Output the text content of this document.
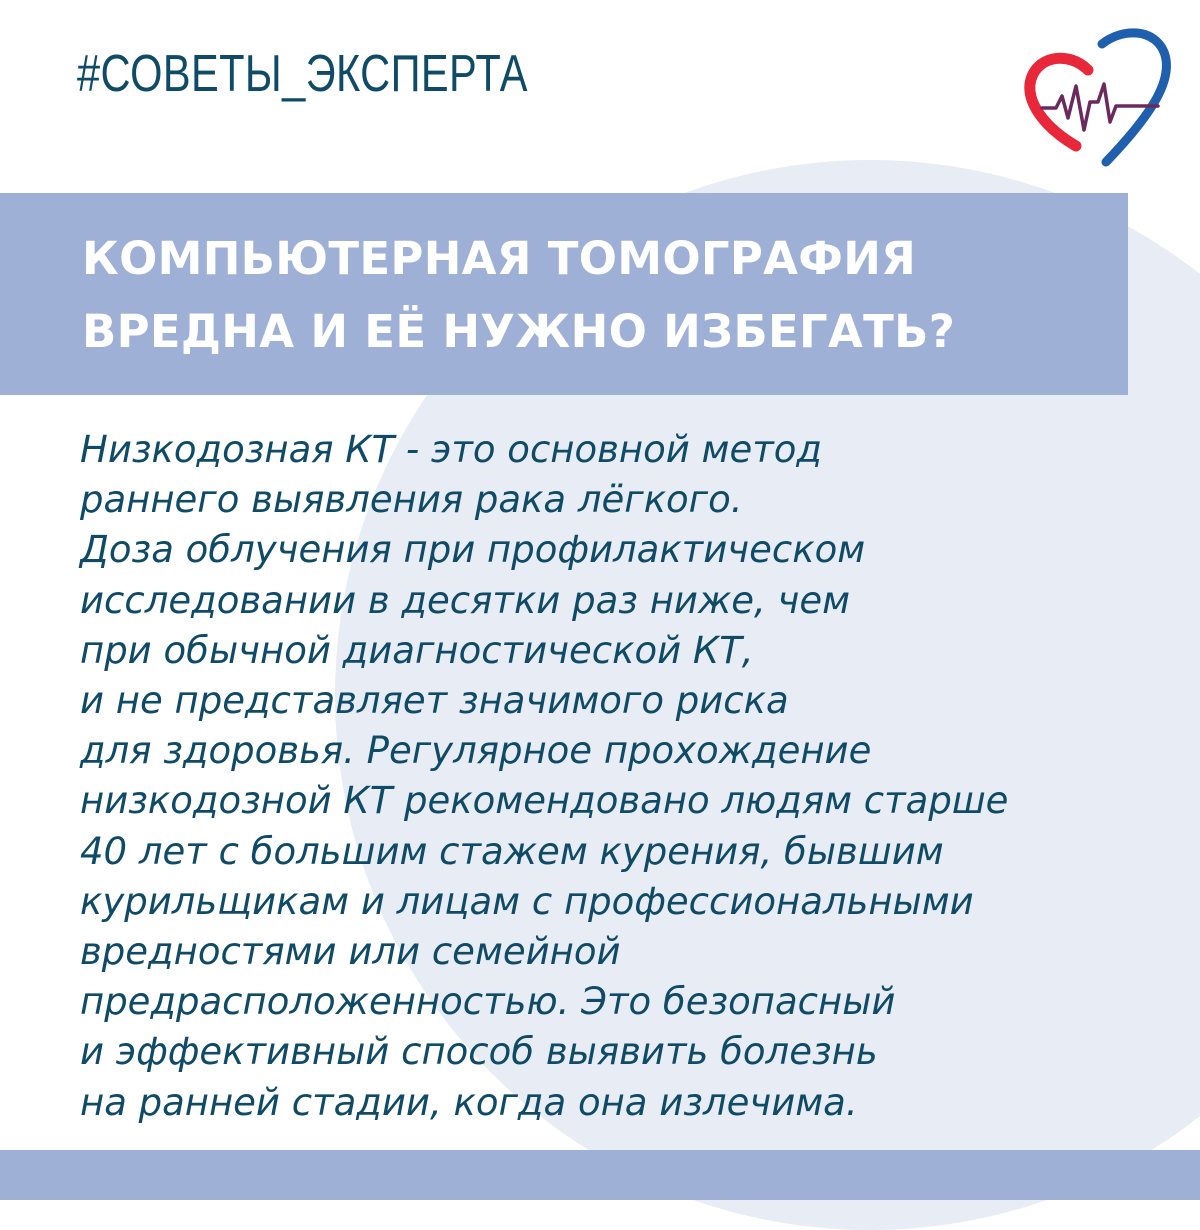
#СОВЕТЫ_ЭКСПЕРТА
КОМПЬЮТЕРНАЯ ТОМОГРАФИЯ
ВРЕДНА И ЕЁ НУЖНО ИЗБЕГАТЬ?
Низкодозная КТ - это основной метод
раннего выявления рака лёгкого.
Доза облучения при профилактическом
исследовании в десятки раз ниже, чем
при обычной диагностической КТ,
и не представляет значимого риска
для здоровья. Регулярное прохождение
низкодозной КТ рекомендовано людям старше
40 лет с большим стажем курения, бывшим
курильщикам и лицам с профессиональными
вредностями или семейной
предрасположенностью. Это безопасный
и эффективный способ выявить болезнь
на ранней стадии, когда она излечима.
